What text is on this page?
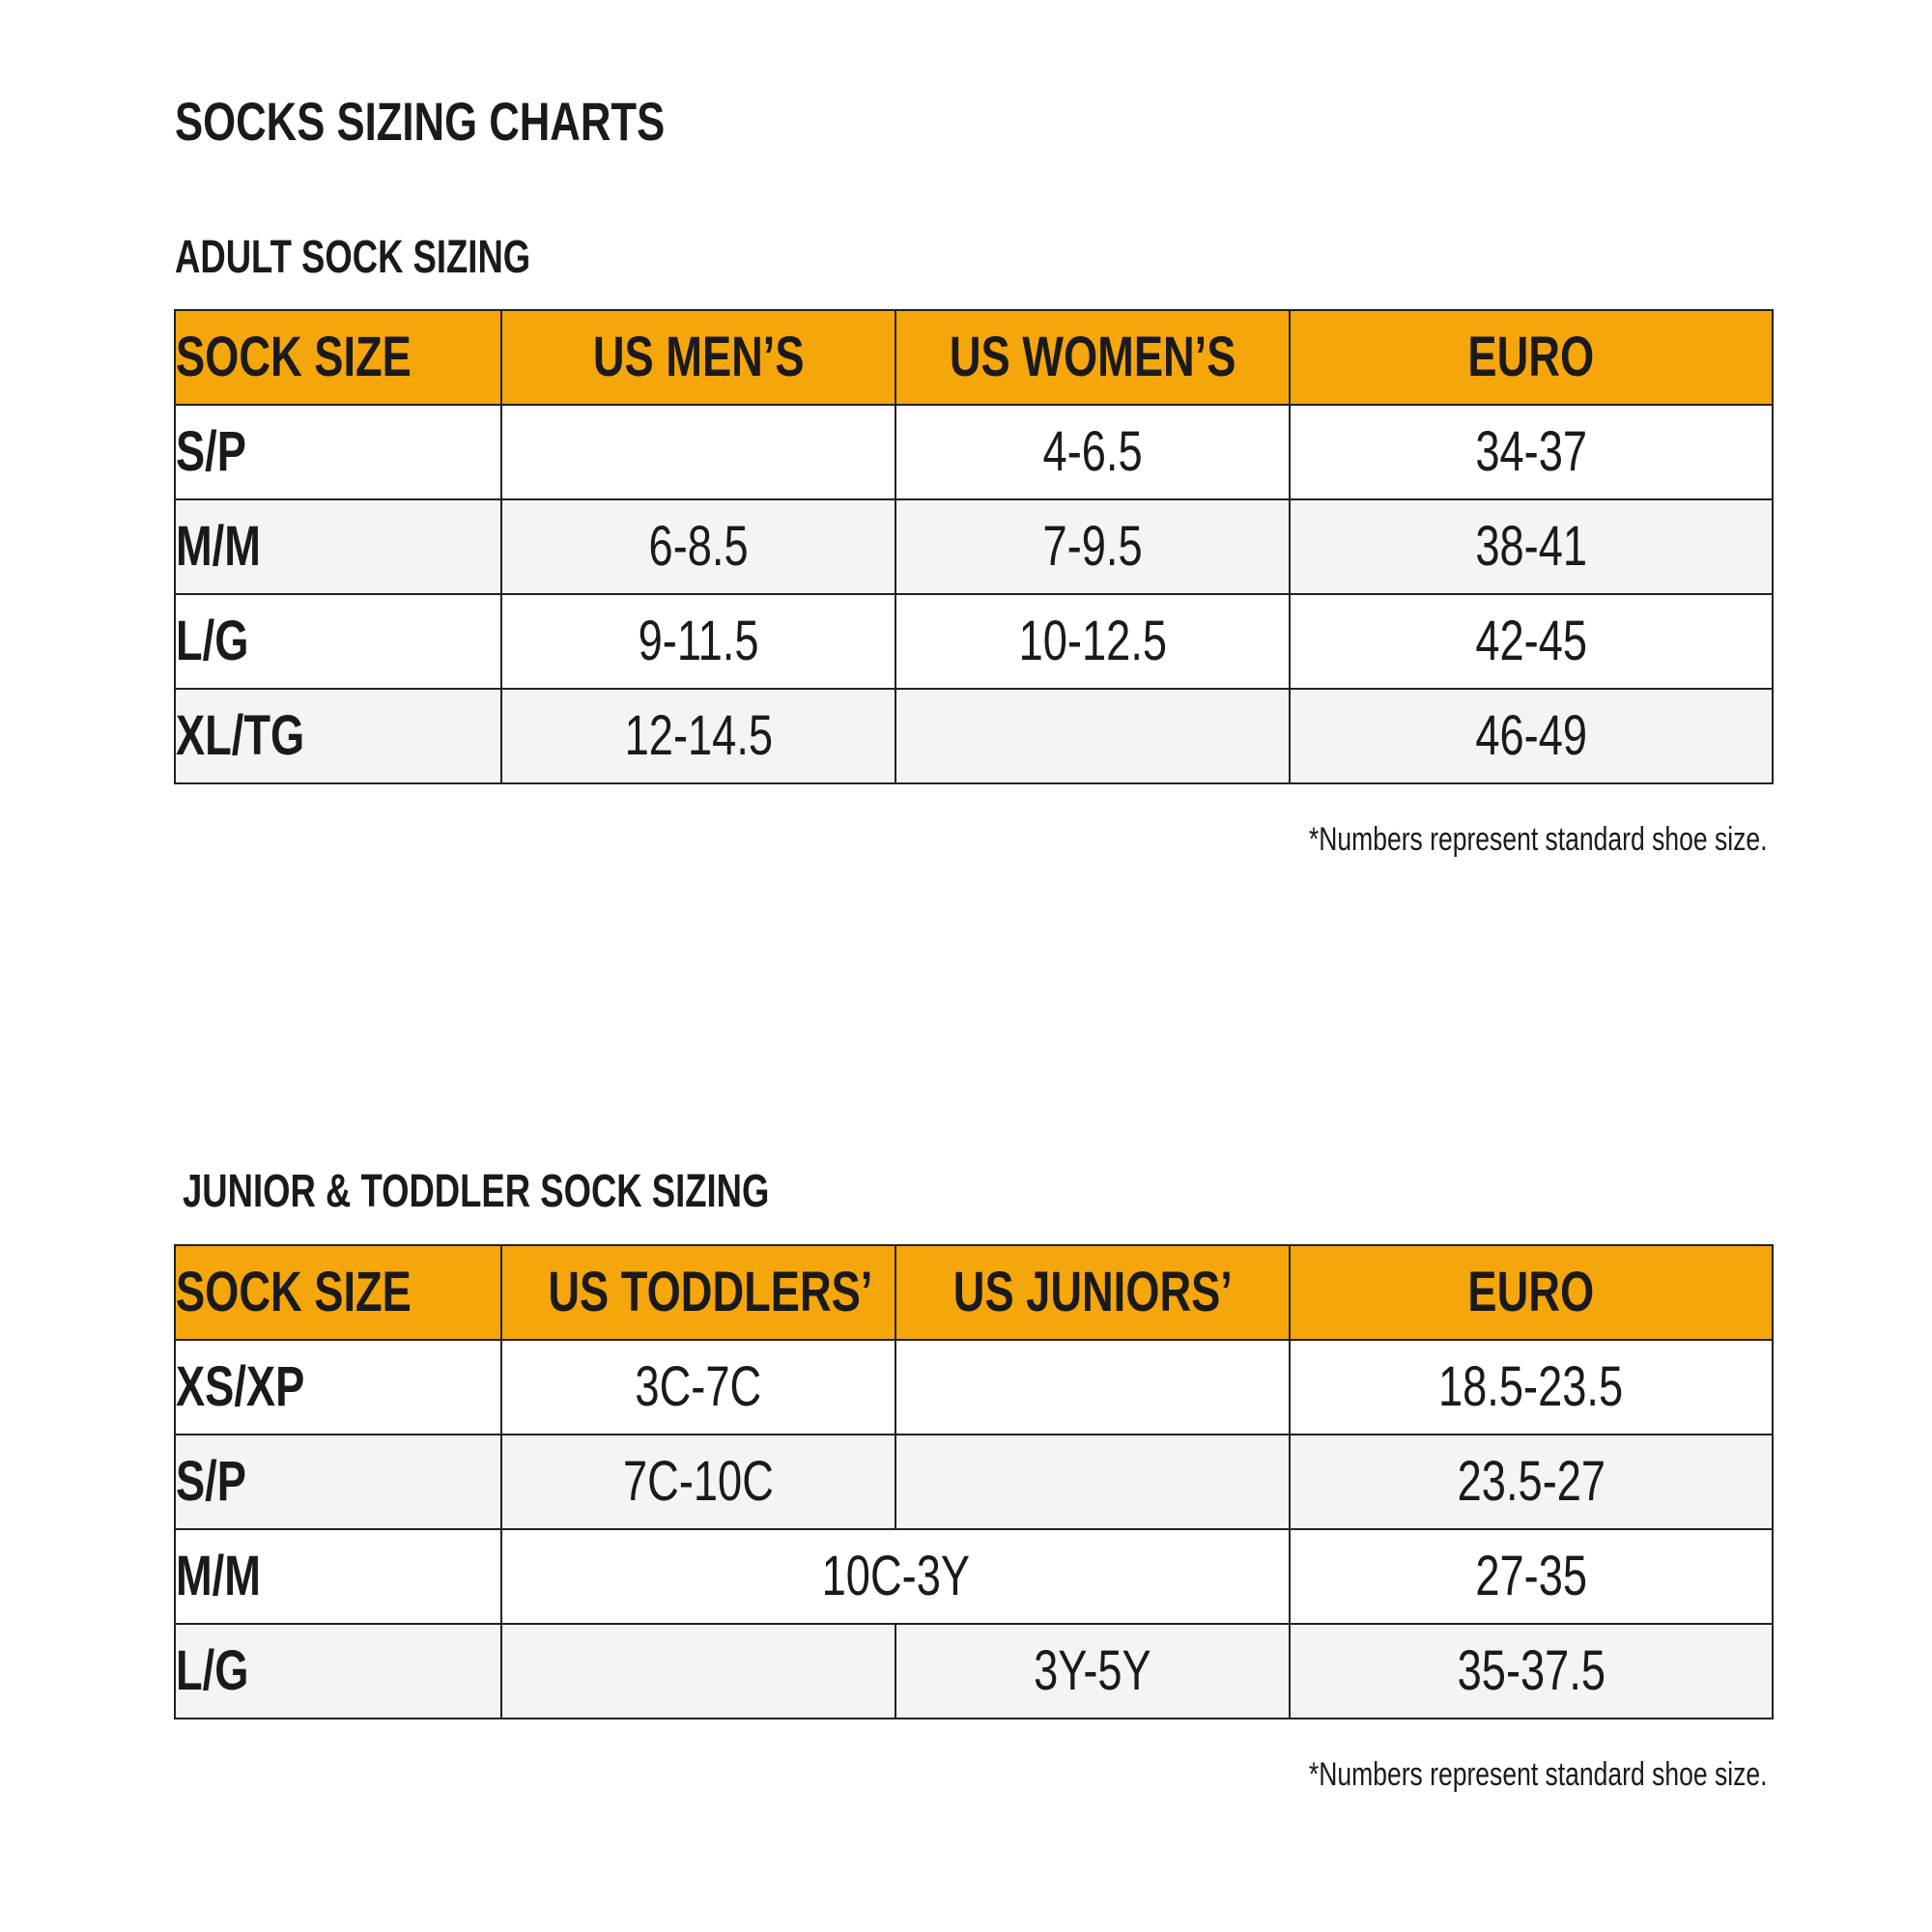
SOCKS SIZING CHARTS
ADULT SOCK SIZING
SOCK SIZE	US MEN’S	US WOMEN’S	EURO
S/P		4-6.5	34-37
M/M	6-8.5	7-9.5	38-41
L/G	9-11.5	10-12.5	42-45
XL/TG	12-14.5		46-49

*Numbers represent standard shoe size.

JUNIOR & TODDLER SOCK SIZING
SOCK SIZE	US TODDLERS’	US JUNIORS’	EURO
XS/XP	3C-7C		18.5-23.5
S/P	7C-10C		23.5-27
M/M	10C-3Y		27-35
L/G		3Y-5Y	35-37.5

*Numbers represent standard shoe size.
